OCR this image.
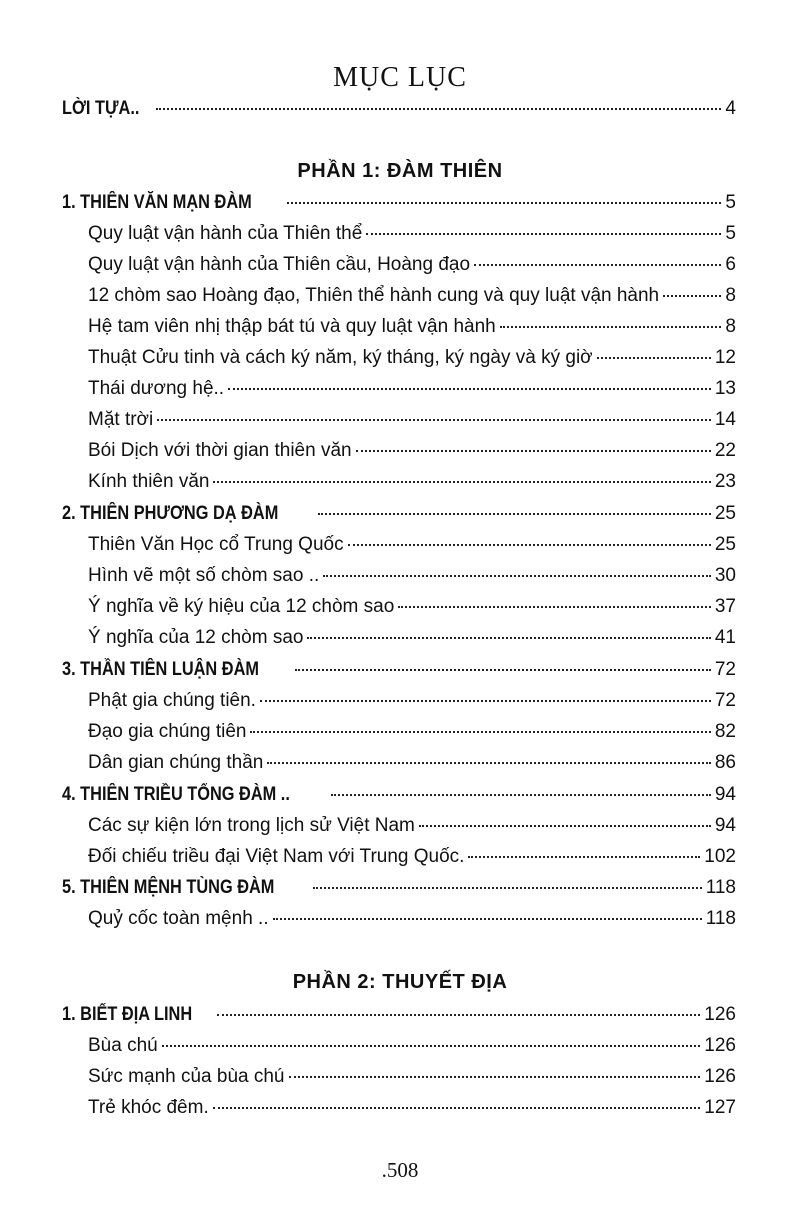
MỤC LỤC
LỜI TỰA..	4
PHẦN 1: ĐÀM THIÊN
1. THIÊN VĂN MẠN ĐÀM	5
Quy luật vận hành của Thiên thể	5
Quy luật vận hành của Thiên cầu, Hoàng đạo	6
12 chòm sao Hoàng đạo, Thiên thể hành cung và quy luật vận hành	8
Hệ tam viên nhị thập bát tú và quy luật vận hành	8
Thuật Cửu tinh và cách ký năm, ký tháng, ký ngày và ký giờ	12
Thái dương hệ..	13
Mặt trời	14
Bói Dịch với thời gian thiên văn	22
Kính thiên văn	23
2. THIÊN PHƯƠNG DẠ ĐÀM	25
Thiên Văn Học cổ Trung Quốc	25
Hình vẽ một số chòm sao ..	30
Ý nghĩa về ký hiệu của 12 chòm sao	37
Ý nghĩa của 12 chòm sao	41
3. THẦN TIÊN LUẬN ĐÀM	72
Phật gia chúng tiên.	72
Đạo gia chúng tiên	82
Dân gian chúng thần	86
4. THIÊN TRIỀU TỔNG ĐÀM ..	94
Các sự kiện lớn trong lịch sử Việt Nam	94
Đối chiếu triều đại Việt Nam với Trung Quốc.	102
5. THIÊN MỆNH TÙNG ĐÀM	118
Quỷ cốc toàn mệnh ..	118
PHẦN 2: THUYẾT ĐỊA
1. BIẾT ĐỊA LINH	126
Bùa chú	126
Sức mạnh của bùa chú	126
Trẻ khóc đêm.	127
.508
